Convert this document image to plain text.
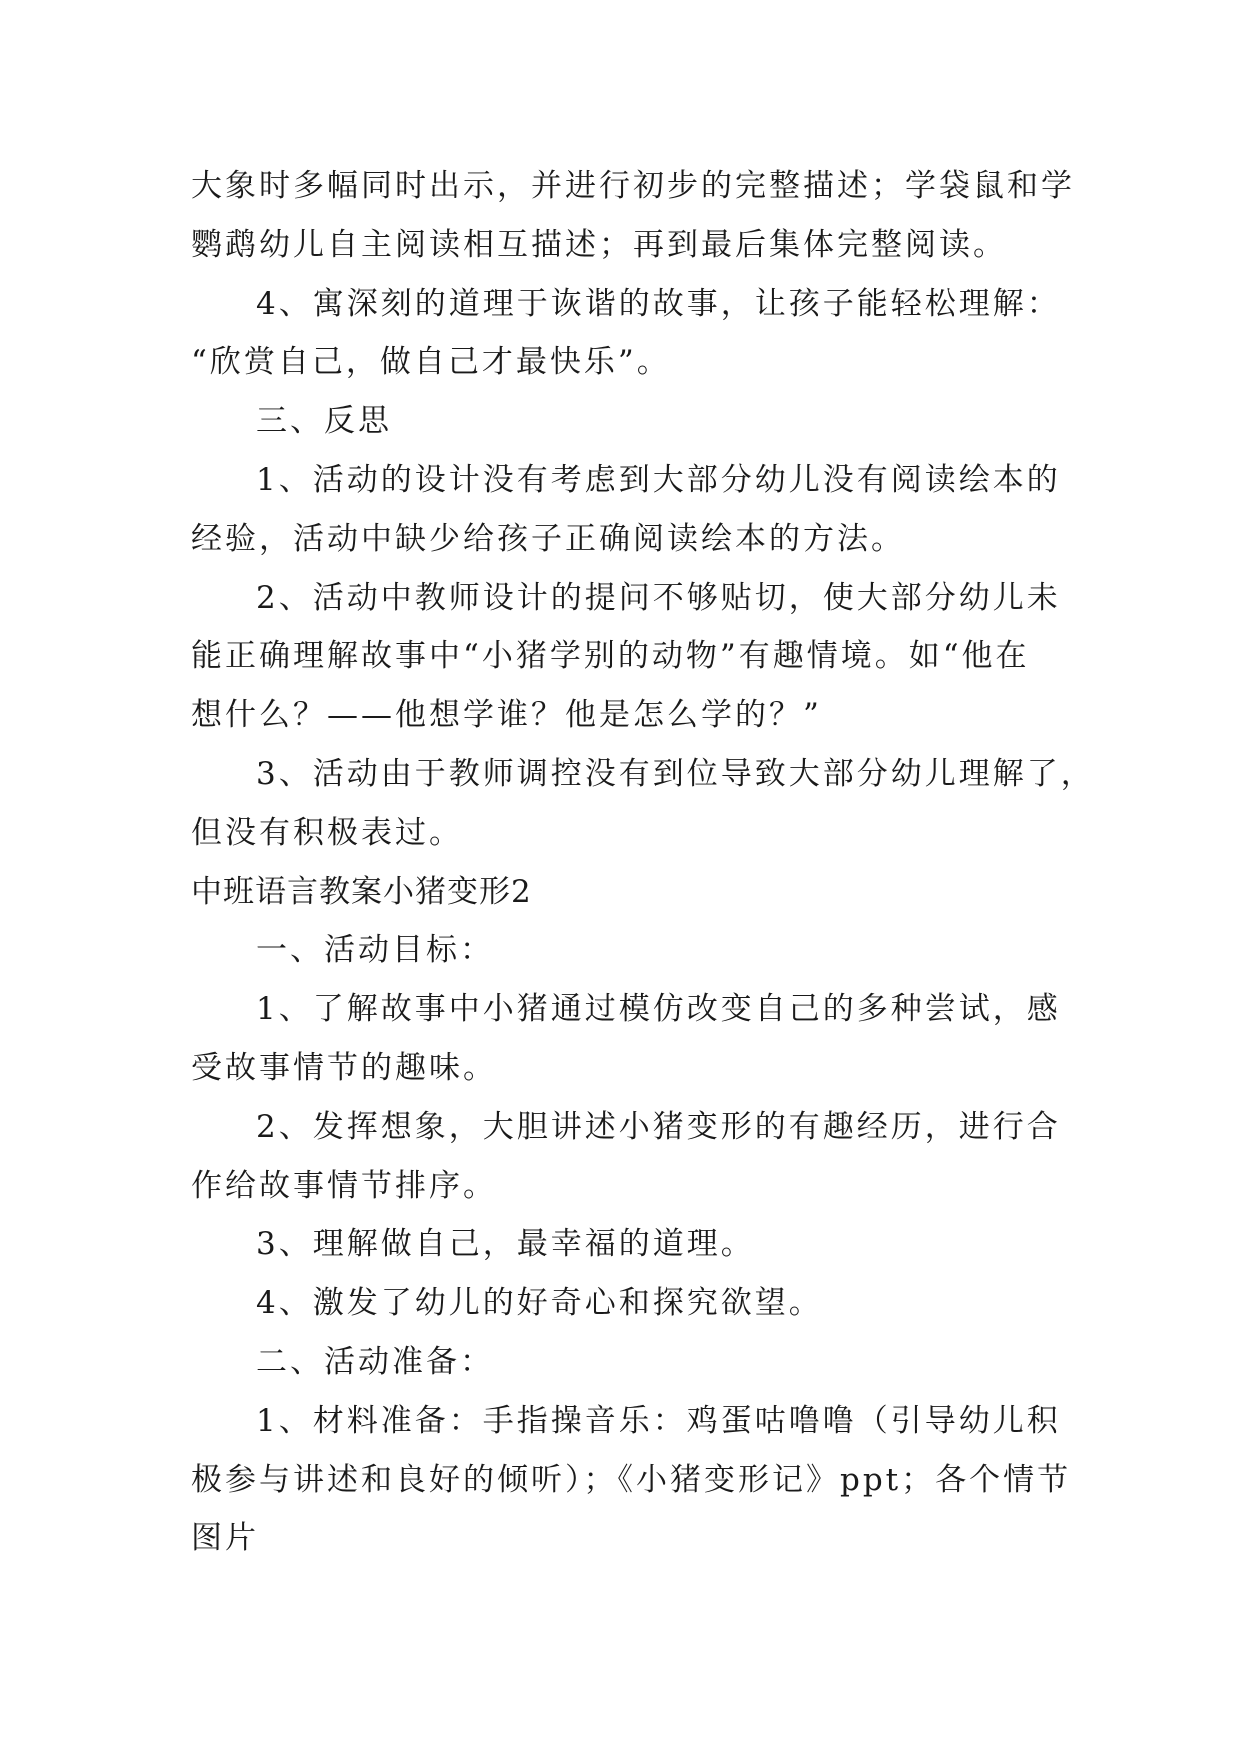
大象时多幅同时出示，并进行初步的完整描述；学袋鼠和学
鹦鹉幼儿自主阅读相互描述；再到最后集体完整阅读。
4、寓深刻的道理于诙谐的故事，让孩子能轻松理解：
“欣赏自己，做自己才最快乐”。
三、反思
1、活动的设计没有考虑到大部分幼儿没有阅读绘本的
经验，活动中缺少给孩子正确阅读绘本的方法。
2、活动中教师设计的提问不够贴切，使大部分幼儿未
能正确理解故事中“小猪学别的动物”有趣情境。如“他在
想什么？——他想学谁？他是怎么学的？”
3、活动由于教师调控没有到位导致大部分幼儿理解了，
但没有积极表过。
中班语言教案小猪变形2
一、活动目标：
1、了解故事中小猪通过模仿改变自己的多种尝试，感
受故事情节的趣味。
2、发挥想象，大胆讲述小猪变形的有趣经历，进行合
作给故事情节排序。
3、理解做自己，最幸福的道理。
4、激发了幼儿的好奇心和探究欲望。
二、活动准备：
1、材料准备：手指操音乐：鸡蛋咕噜噜（引导幼儿积
极参与讲述和良好的倾听）；《小猪变形记》ppt；各个情节
图片
